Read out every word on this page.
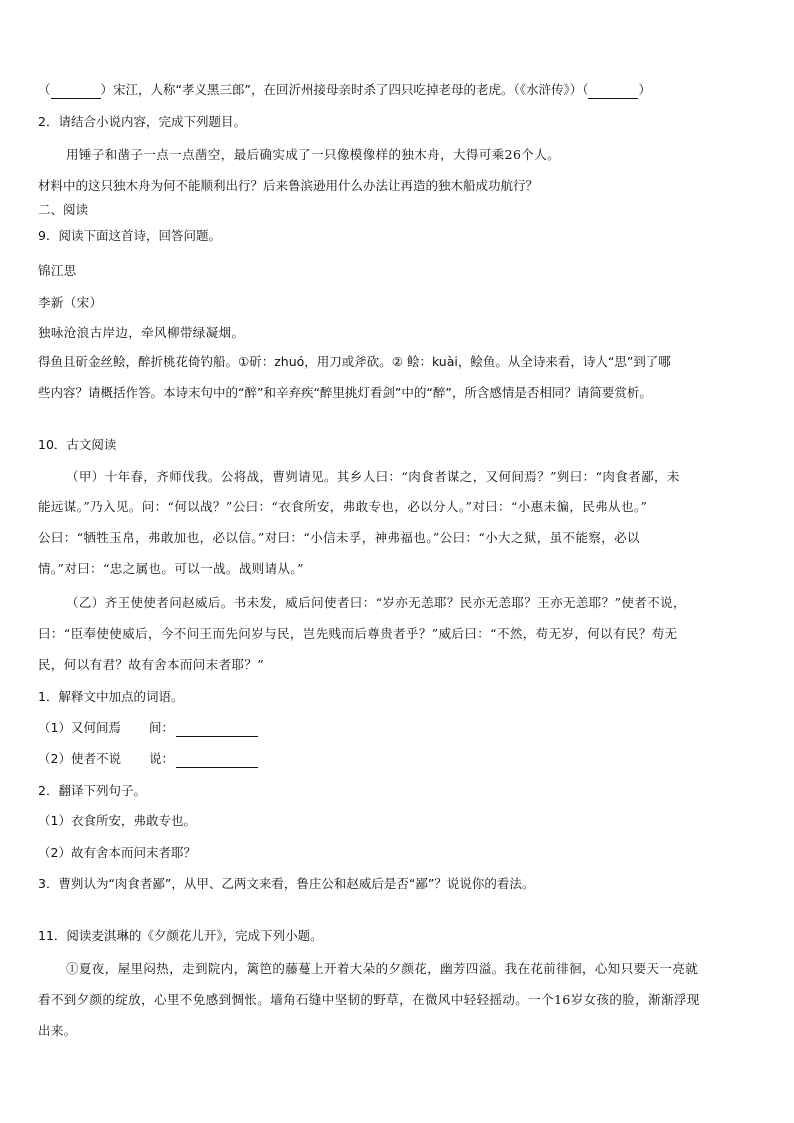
（	）宋江，人称“孝义黑三郎”，在回沂州接母亲时杀了四只吃掉老母的老虎。（《水浒传》）（	）
2．请结合小说内容，完成下列题目。
用锤子和凿子一点一点凿空，最后确实成了一只像模像样的独木舟，大得可乘26个人。
材料中的这只独木舟为何不能顺利出行？后来鲁滨逊用什么办法让再造的独木船成功航行？
二、阅读
9．阅读下面这首诗，回答问题。
锦江思
李新（宋）
独咏沧浪古岸边，牵风柳带绿凝烟。
得鱼且斫金丝鲙，醉折桃花倚钓船。①斫：zhuó，用刀或斧砍。② 鲙：kuài，鲙鱼。从全诗来看，诗人“思”到了哪
些内容？请概括作答。本诗末句中的“醉”和辛弃疾“醉里挑灯看剑”中的“醉”，所含感情是否相同？请简要赏析。
10．古文阅读
（甲）十年春，齐师伐我。公将战，曹刿请见。其乡人曰：“肉食者谋之，又何间焉？”刿曰：“肉食者鄙，未
能远谋。”乃入见。问：“何以战？”公曰：“衣食所安，弗敢专也，必以分人。”对曰：“小惠未徧，民弗从也。”
公曰：“牺牲玉帛，弗敢加也，必以信。”对曰：“小信未孚，神弗福也。”公曰：“小大之狱，虽不能察，必以
情。”对曰：“忠之属也。可以一战。战则请从。”
（乙）齐王使使者问赵威后。书未发，威后问使者曰：“岁亦无恙耶？民亦无恙耶？王亦无恙耶？”使者不说，
曰：“臣奉使使威后，今不问王而先问岁与民，岂先贱而后尊贵者乎？”威后曰：“不然，苟无岁，何以有民？苟无
民，何以有君？故有舍本而问末者耶？”
1．解释文中加点的词语。
（1）又何间焉 间：
（2）使者不说 说：
2．翻译下列句子。
（1）衣食所安，弗敢专也。
（2）故有舍本而问末者耶？
3．曹刿认为“肉食者鄙”，从甲、乙两文来看，鲁庄公和赵威后是否“鄙”？说说你的看法。
11．阅读麦淇琳的《夕颜花儿开》，完成下列小题。
①夏夜，屋里闷热，走到院内，篱笆的藤蔓上开着大朵的夕颜花，幽芳四溢。我在花前徘徊，心知只要天一亮就
看不到夕颜的绽放，心里不免感到惆怅。墙角石缝中坚韧的野草，在微风中轻轻摇动。一个16岁女孩的脸，渐渐浮现
出来。
